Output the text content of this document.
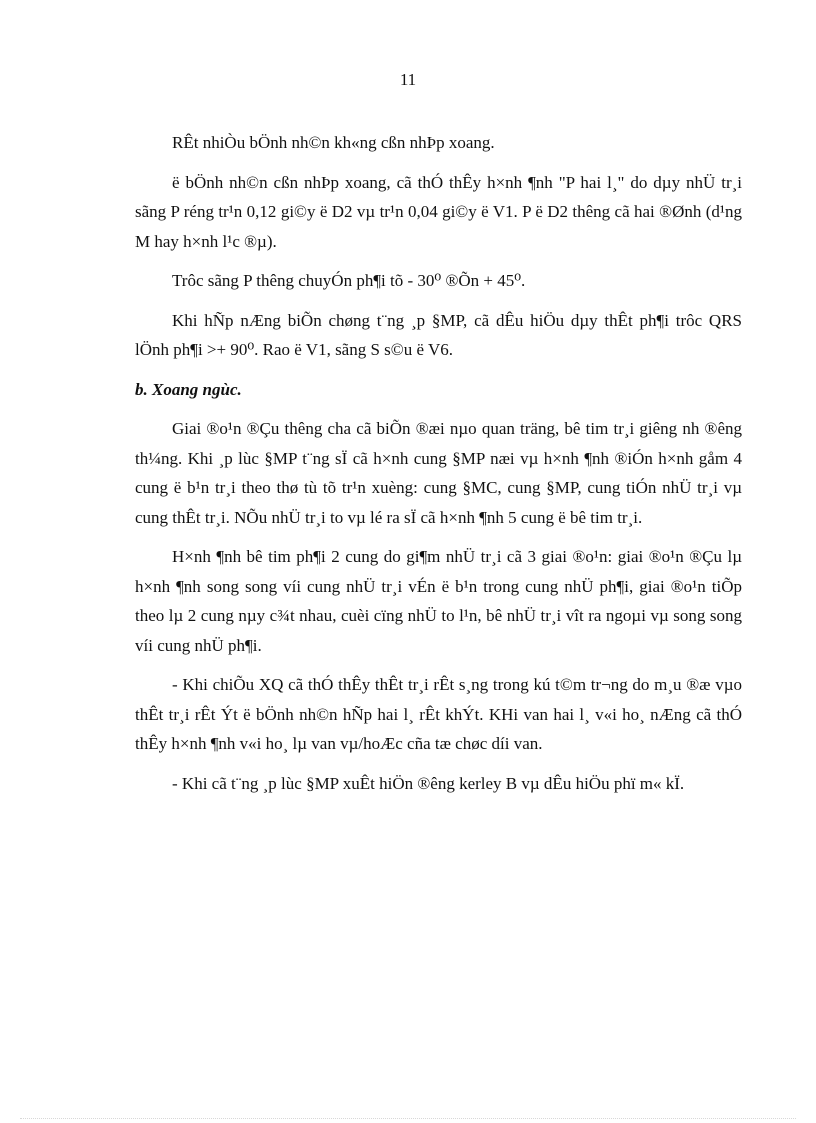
11

RÊt nhiÒu bÖnh nh©n kh«ng cßn nhÞp xoang.

ë bÖnh nh©n cßn nhÞp xoang, cã thÓ thÊy h×nh ¶nh "P hai l¸" do dµy nhÜ tr¸i sãng P réng tr¹n 0,12 gi©y ë D2 vµ tr¹n 0,04 gi©y ë V1. P ë D2 thêng cã hai ®Ønh (d¹ng M hay h×nh l¹c ®µ).

Trôc sãng P thêng chuyÓn ph¶i tõ - 30⁰ ®Õn + 45⁰.

Khi hÑp nÆng biÕn chøng t¨ng ¸p §MP, cã dÊu hiÖu dµy thÊt ph¶i trôc QRS lÖnh ph¶i >+ 90⁰. Rao ë V1, sãng S s©u ë V6.

b. Xoang ngùc.

Giai ®o¹n ®Çu thêng cha cã biÕn ®æi nµo quan träng, bê tim tr¸i giêng nh ®êng th¼ng. Khi ¸p lùc §MP t¨ng sÏ cã h×nh cung §MP næi vµ h×nh ¶nh ®iÓn h×nh gåm 4 cung ë b¹n tr¸i theo thø tù tõ tr¹n xuèng: cung §MC, cung §MP, cung tiÓn nhÜ tr¸i vµ cung thÊt tr¸i. NÕu nhÜ tr¸i to vµ lé ra sÏ cã h×nh ¶nh 5 cung ë bê tim tr¸i.

H×nh ¶nh bê tim ph¶i 2 cung do gi¶m nhÜ tr¸i cã 3 giai ®o¹n: giai ®o¹n ®Çu lµ h×nh ¶nh song song víi cung nhÜ tr¸i vÉn ë b¹n trong cung nhÜ ph¶i, giai ®o¹n tiÕp theo lµ 2 cung nµy c¾t nhau, cuèi cïng nhÜ to l¹n, bê nhÜ tr¸i vît ra ngoµi vµ song song víi cung nhÜ ph¶i.

- Khi chiÕu XQ cã thÓ thÊy thÊt tr¸i rÊt s¸ng trong kú t©m tr¬ng do m¸u ®æ vµo thÊt tr¸i rÊt Ýt ë bÖnh nh©n hÑp hai l¸ rÊt khÝt. KHi van hai l¸ v«i ho¸ nÆng cã thÓ thÊy h×nh ¶nh v«i ho¸ lµ van vµ/hoÆc cña tæ chøc díi van.

- Khi cã t¨ng ¸p lùc §MP xuÊt hiÖn ®êng kerley B vµ dÊu hiÖu phï m« kÏ.
